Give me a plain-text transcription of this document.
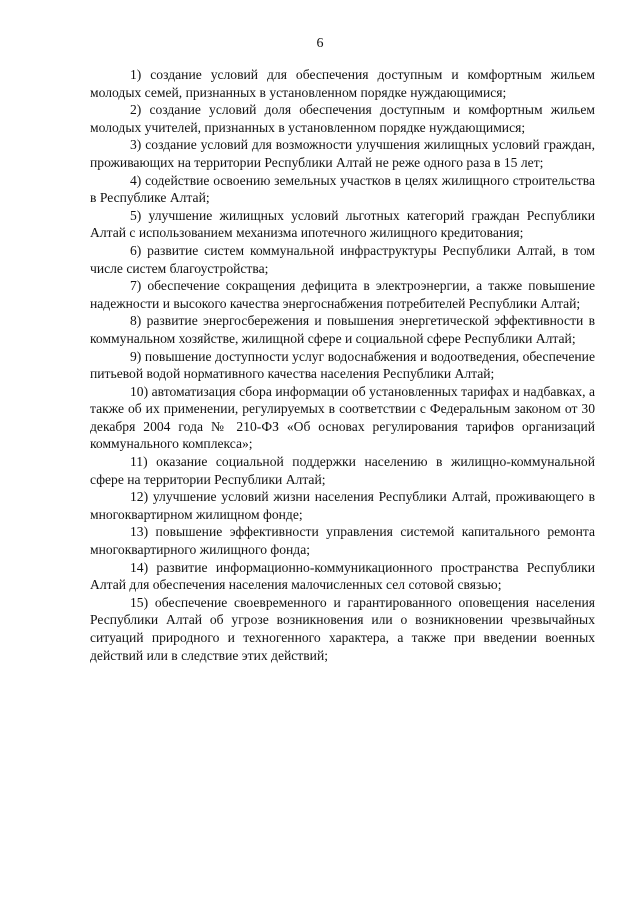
6

1) создание условий для обеспечения доступным и комфортным жильем молодых семей, признанных в установленном порядке нуждающимися;

2) создание условий доля обеспечения доступным и комфортным жильем молодых учителей, признанных в установленном порядке нуждающимися;

3) создание условий для возможности улучшения жилищных условий граждан, проживающих на территории Республики Алтай не реже одного раза в 15 лет;

4) содействие освоению земельных участков в целях жилищного строительства в Республике Алтай;

5) улучшение жилищных условий льготных категорий граждан Республики Алтай с использованием механизма ипотечного жилищного кредитования;

6) развитие систем коммунальной инфраструктуры Республики Алтай, в том числе систем благоустройства;

7) обеспечение сокращения дефицита в электроэнергии, а также повышение надежности и высокого качества энергоснабжения потребителей Республики Алтай;

8) развитие энергосбережения и повышения энергетической эффективности в коммунальном хозяйстве, жилищной сфере и социальной сфере Республики Алтай;

9) повышение доступности услуг водоснабжения и водоотведения, обеспечение питьевой водой нормативного качества населения Республики Алтай;

10) автоматизация сбора информации об установленных тарифах и надбавках, а также об их применении, регулируемых в соответствии с Федеральным законом от 30 декабря 2004 года № 210-ФЗ «Об основах регулирования тарифов организаций коммунального комплекса»;

11) оказание социальной поддержки населению в жилищно-коммунальной сфере на территории Республики Алтай;

12) улучшение условий жизни населения Республики Алтай, проживающего в многоквартирном жилищном фонде;

13) повышение эффективности управления системой капитального ремонта многоквартирного жилищного фонда;

14) развитие информационно-коммуникационного пространства Республики Алтай для обеспечения населения малочисленных сел сотовой связью;

15) обеспечение своевременного и гарантированного оповещения населения Республики Алтай об угрозе возникновения или о возникновении чрезвычайных ситуаций природного и техногенного характера, а также при введении военных действий или в следствие этих действий;
